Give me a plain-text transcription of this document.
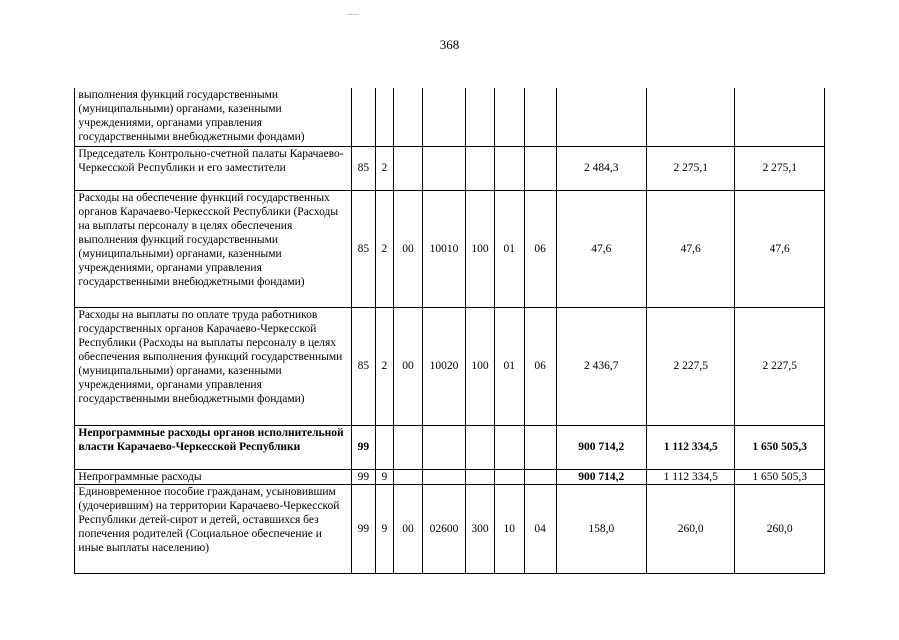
368
	выполнения функций государственными (муниципальными) органами, казенными учреждениями, органами управления государственными внебюджетными фондами)										
	Председатель Контрольно-счетной палаты Карачаево-Черкесской Республики и его заместители	85	2						2 484,3	2 275,1	2 275,1
	Расходы на обеспечение функций государственных органов Карачаево-Черкесской Республики (Расходы на выплаты персоналу в целях обеспечения выполнения функций государственными (муниципальными) органами, казенными учреждениями, органами управления государственными внебюджетными фондами)	85	2	00	10010	100	01	06	47,6	47,6	47,6
	Расходы на выплаты по оплате труда работников государственных органов Карачаево-Черкесской Республики (Расходы на выплаты персоналу в целях обеспечения выполнения функций государственными (муниципальными) органами, казенными учреждениями, органами управления государственными внебюджетными фондами)	85	2	00	10020	100	01	06	2 436,7	2 227,5	2 227,5
	Непрограммные расходы органов исполнительной власти Карачаево-Черкесской Республики	99							900 714,2	1 112 334,5	1 650 505,3
	Непрограммные расходы	99	9						900 714,2	1 112 334,5	1 650 505,3
	Единовременное пособие гражданам, усыновившим (удочерившим) на территории Карачаево-Черкесской Республики детей-сирот и детей, оставшихся без попечения родителей (Социальное обеспечение и иные выплаты населению)	99	9	00	02600	300	10	04	158,0	260,0	260,0
